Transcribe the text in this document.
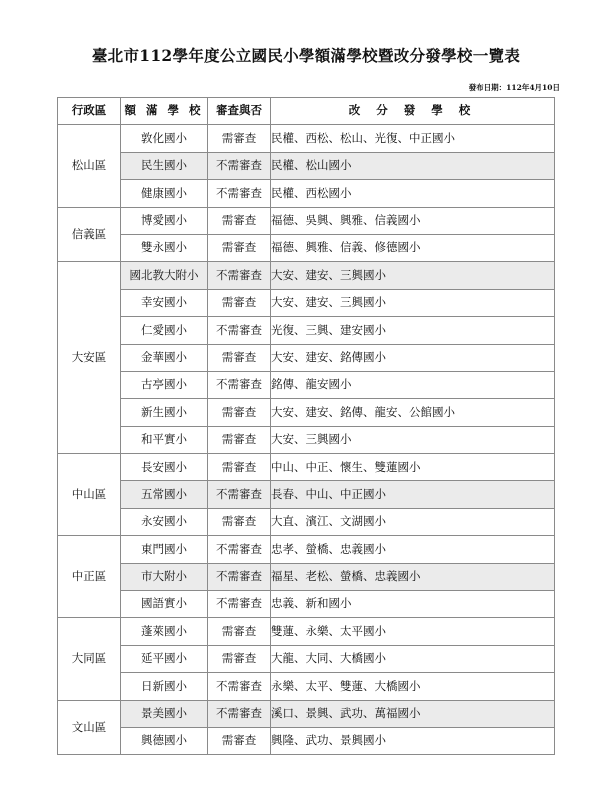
臺北市112學年度公立國民小學額滿學校暨改分發學校一覽表
發布日期：112年4月10日
行政區	額 滿 學 校	審查與否	改 分 發 學 校
松山區	敦化國小	需審查	民權、西松、松山、光復、中正國小
	民生國小	不需審查	民權、松山國小
	健康國小	不需審查	民權、西松國小
信義區	博愛國小	需審查	福德、吳興、興雅、信義國小
	雙永國小	需審查	福德、興雅、信義、修德國小
大安區	國北教大附小	不需審查	大安、建安、三興國小
	幸安國小	需審查	大安、建安、三興國小
	仁愛國小	不需審查	光復、三興、建安國小
	金華國小	需審查	大安、建安、銘傳國小
	古亭國小	不需審查	銘傳、龍安國小
	新生國小	需審查	大安、建安、銘傳、龍安、公館國小
	和平實小	需審查	大安、三興國小
中山區	長安國小	需審查	中山、中正、懷生、雙蓮國小
	五常國小	不需審查	長春、中山、中正國小
	永安國小	需審查	大直、濱江、文湖國小
中正區	東門國小	不需審查	忠孝、螢橋、忠義國小
	市大附小	不需審查	福星、老松、螢橋、忠義國小
	國語實小	不需審查	忠義、新和國小
大同區	蓬萊國小	需審查	雙蓮、永樂、太平國小
	延平國小	需審查	大龍、大同、大橋國小
	日新國小	不需審查	永樂、太平、雙蓮、大橋國小
文山區	景美國小	不需審查	溪口、景興、武功、萬福國小
	興德國小	需審查	興隆、武功、景興國小
